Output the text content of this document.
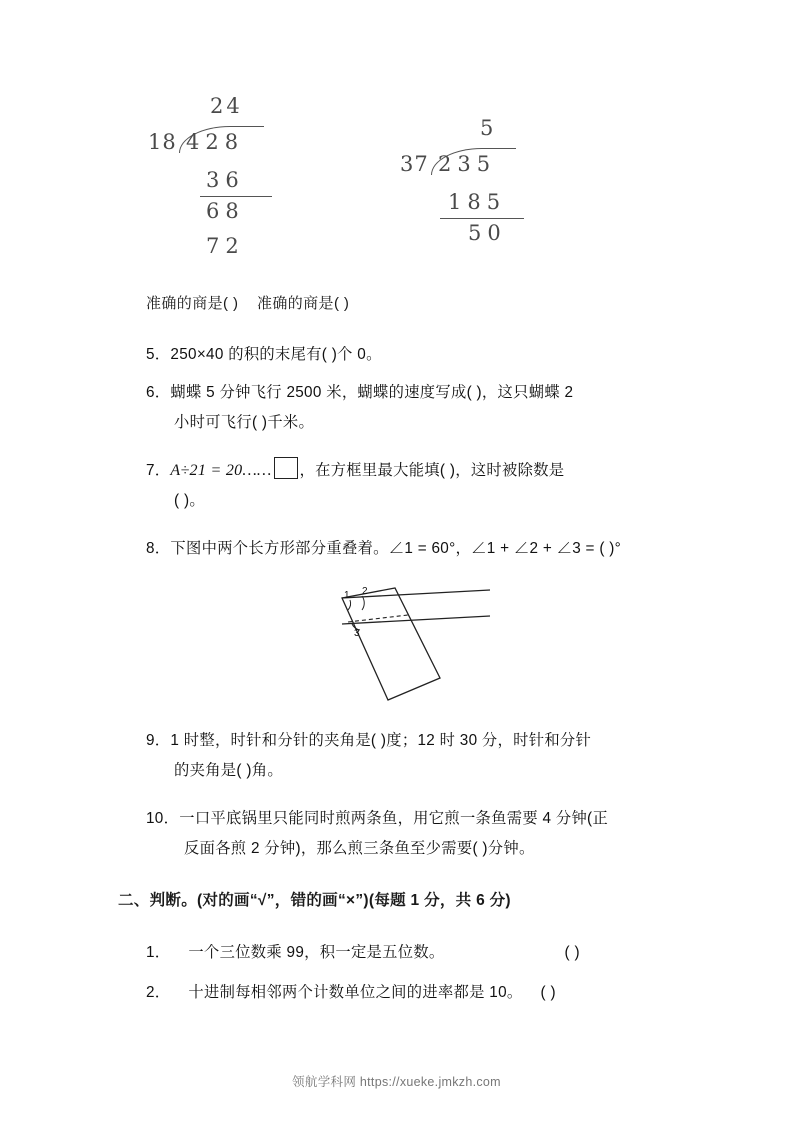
24
18 428
36
68
72
5
37 235
185
50
准确的商是( ) 准确的商是( )
5．250×40 的积的末尾有( )个 0。
6．蝴蝶 5 分钟飞行 2500 米，蝴蝶的速度写成( )，这只蝴蝶 2
小时可飞行( )千米。
7．A÷21 = 20…… ，在方框里最大能填( )，这时被除数是
( )。
8．下图中两个长方形部分重叠着。∠1 = 60°，∠1 + ∠2 + ∠3 = ( )°
1 2
3
9．1 时整，时针和分针的夹角是( )度；12 时 30 分，时针和分针
的夹角是( )角。
10．一口平底锅里只能同时煎两条鱼，用它煎一条鱼需要 4 分钟(正
反面各煎 2 分钟)，那么煎三条鱼至少需要( )分钟。
二、判断。(对的画“√”，错的画“×”)(每题 1 分，共 6 分)
1． 一个三位数乘 99，积一定是五位数。	( )
2． 十进制每相邻两个计数单位之间的进率都是 10。 ( )
领航学科网 https://xueke.jmkzh.com
